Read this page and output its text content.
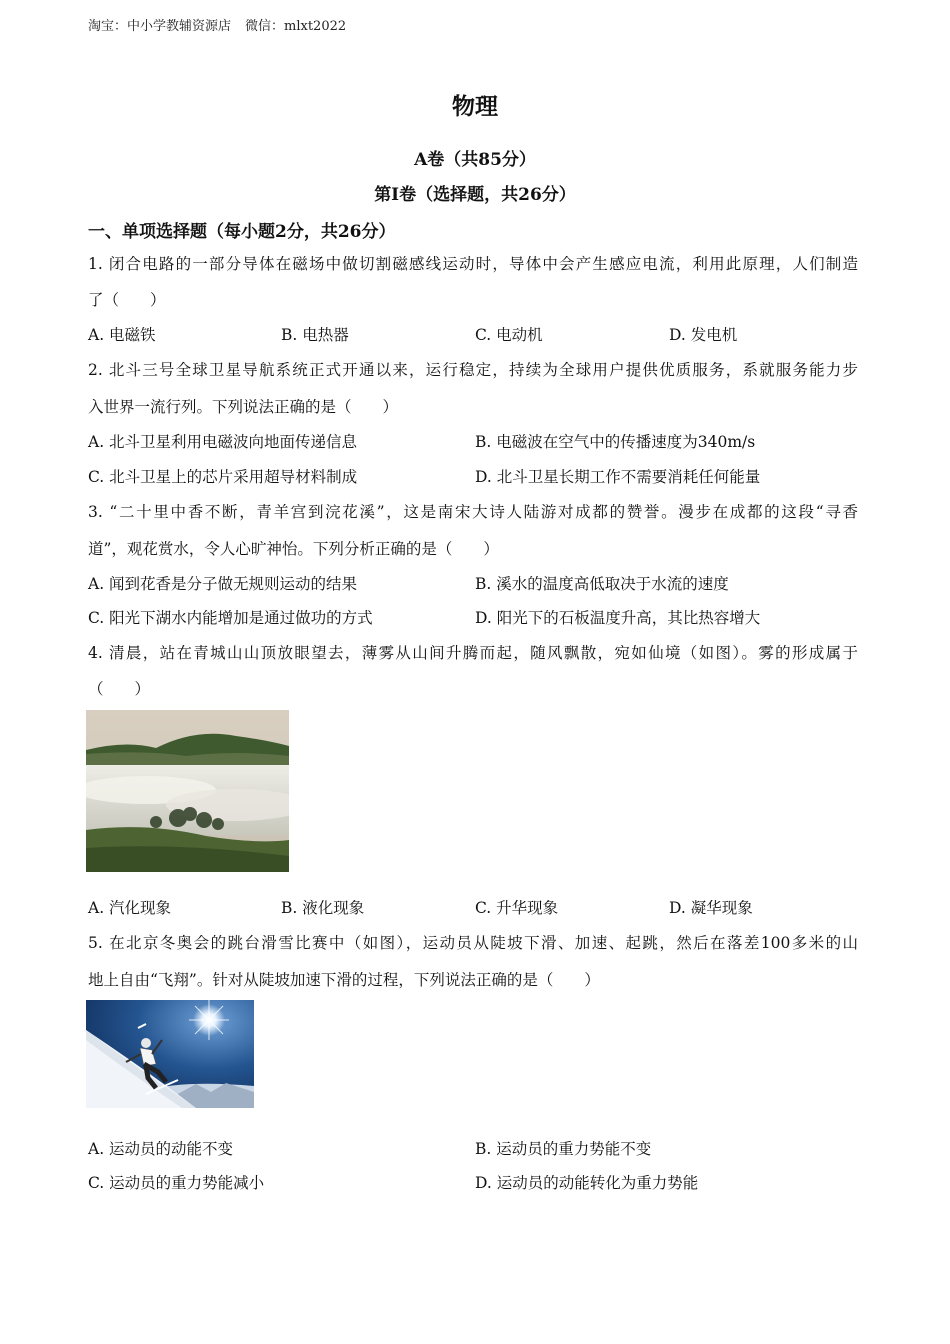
淘宝：中小学教辅资源店 微信：mlxt2022
物理
A卷（共85分）
第Ⅰ卷（选择题，共26分）
一、单项选择题（每小题2分，共26分）
1. 闭合电路的一部分导体在磁场中做切割磁感线运动时，导体中会产生感应电流，利用此原理，人们制造
了（　　）
A. 电磁铁	B. 电热器	C. 电动机	D. 发电机
2. 北斗三号全球卫星导航系统正式开通以来，运行稳定，持续为全球用户提供优质服务，系就服务能力步
入世界一流行列。下列说法正确的是（　　）
A. 北斗卫星利用电磁波向地面传递信息	B. 电磁波在空气中的传播速度为340m/s
C. 北斗卫星上的芯片采用超导材料制成	D. 北斗卫星长期工作不需要消耗任何能量
3. “二十里中香不断，青羊宫到浣花溪”，这是南宋大诗人陆游对成都的赞誉。漫步在成都的这段“寻香
道”，观花赏水，令人心旷神怡。下列分析正确的是（　　）
A. 闻到花香是分子做无规则运动的结果	B. 溪水的温度高低取决于水流的速度
C. 阳光下湖水内能增加是通过做功的方式	D. 阳光下的石板温度升高，其比热容增大
4. 清晨，站在青城山山顶放眼望去，薄雾从山间升腾而起，随风飘散，宛如仙境（如图）。雾的形成属于
（　　）
A. 汽化现象	B. 液化现象	C. 升华现象	D. 凝华现象
5. 在北京冬奥会的跳台滑雪比赛中（如图），运动员从陡坡下滑、加速、起跳，然后在落差100多米的山
地上自由“飞翔”。针对从陡坡加速下滑的过程，下列说法正确的是（　　）
A. 运动员的动能不变	B. 运动员的重力势能不变
C. 运动员的重力势能减小	D. 运动员的动能转化为重力势能
